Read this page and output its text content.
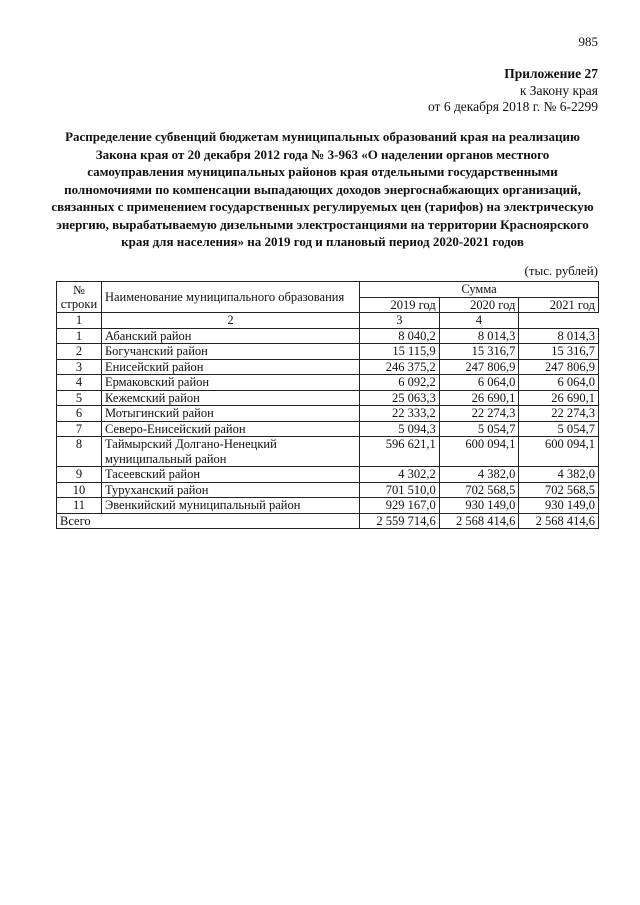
985
Приложение 27
к Закону края
от 6 декабря 2018 г. № 6-2299
Распределение субвенций бюджетам муниципальных образований края на реализацию
Закона края от 20 декабря 2012 года № 3-963 «О наделении органов местного
самоуправления муниципальных районов края отдельными государственными
полномочиями по компенсации выпадающих доходов энергоснабжающих организаций,
связанных с применением государственных регулируемых цен (тарифов) на электрическую
энергию, вырабатываемую дизельными электростанциями на территории Красноярского
края для населения» на 2019 год и плановый период 2020-2021 годов
(тыс. рублей)
№
строки	Наименование муниципального образования	Сумма		
		2019 год	2020 год	2021 год
1	2	3	4	
1	Абанский район	8 040,2	8 014,3	8 014,3
2	Богучанский район	15 115,9	15 316,7	15 316,7
3	Енисейский район	246 375,2	247 806,9	247 806,9
4	Ермаковский район	6 092,2	6 064,0	6 064,0
5	Кежемский район	25 063,3	26 690,1	26 690,1
6	Мотыгинский район	22 333,2	22 274,3	22 274,3
7	Северо-Енисейский район	5 094,3	5 054,7	5 054,7
8	Таймырский Долгано-Ненецкий муниципальный район	596 621,1	600 094,1	600 094,1
9	Тасеевский район	4 302,2	4 382,0	4 382,0
10	Туруханский район	701 510,0	702 568,5	702 568,5
11	Эвенкийский муниципальный район	929 167,0	930 149,0	930 149,0
Всего		2 559 714,6	2 568 414,6	2 568 414,6
